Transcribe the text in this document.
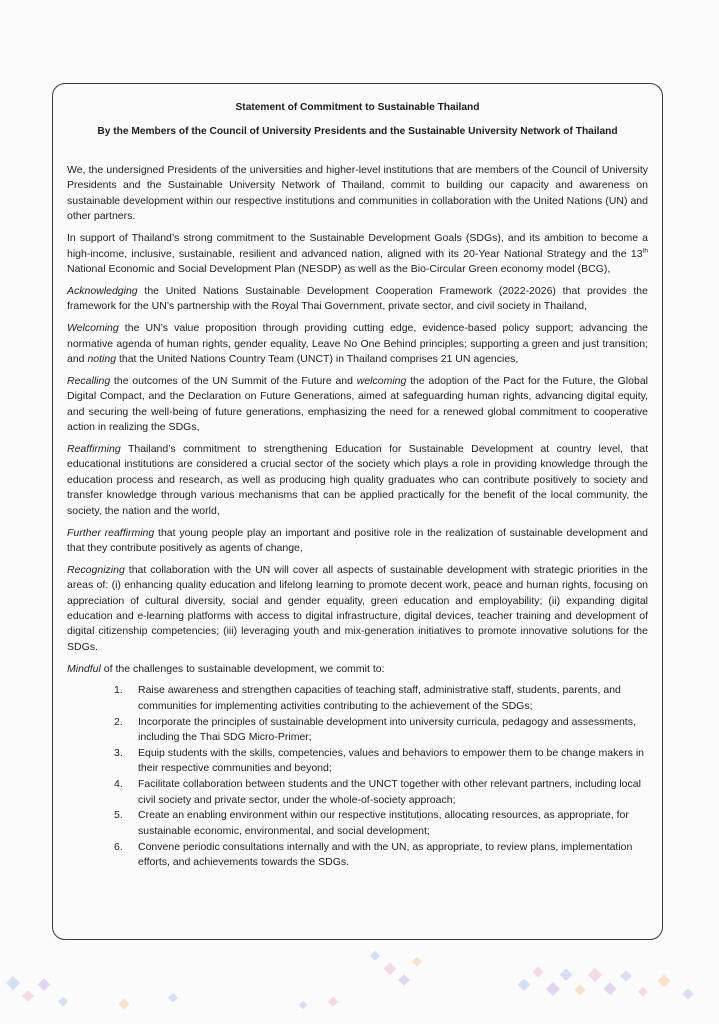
Statement of Commitment to Sustainable Thailand
By the Members of the Council of University Presidents and the Sustainable University Network of Thailand

We, the undersigned Presidents of the universities and higher-level institutions that are members of the Council of University Presidents and the Sustainable University Network of Thailand, commit to building our capacity and awareness on sustainable development within our respective institutions and communities in collaboration with the United Nations (UN) and other partners.

In support of Thailand’s strong commitment to the Sustainable Development Goals (SDGs), and its ambition to become a high-income, inclusive, sustainable, resilient and advanced nation, aligned with its 20-Year National Strategy and the 13th National Economic and Social Development Plan (NESDP) as well as the Bio-Circular Green economy model (BCG),

Acknowledging the United Nations Sustainable Development Cooperation Framework (2022-2026) that provides the framework for the UN’s partnership with the Royal Thai Government, private sector, and civil society in Thailand,

Welcoming the UN’s value proposition through providing cutting edge, evidence-based policy support; advancing the normative agenda of human rights, gender equality, Leave No One Behind principles; supporting a green and just transition; and noting that the United Nations Country Team (UNCT) in Thailand comprises 21 UN agencies,

Recalling the outcomes of the UN Summit of the Future and welcoming the adoption of the Pact for the Future, the Global Digital Compact, and the Declaration on Future Generations, aimed at safeguarding human rights, advancing digital equity, and securing the well-being of future generations, emphasizing the need for a renewed global commitment to cooperative action in realizing the SDGs,

Reaffirming Thailand’s commitment to strengthening Education for Sustainable Development at country level, that educational institutions are considered a crucial sector of the society which plays a role in providing knowledge through the education process and research, as well as producing high quality graduates who can contribute positively to society and transfer knowledge through various mechanisms that can be applied practically for the benefit of the local community, the society, the nation and the world,

Further reaffirming that young people play an important and positive role in the realization of sustainable development and that they contribute positively as agents of change,

Recognizing that collaboration with the UN will cover all aspects of sustainable development with strategic priorities in the areas of: (i) enhancing quality education and lifelong learning to promote decent work, peace and human rights, focusing on appreciation of cultural diversity, social and gender equality, green education and employability; (ii) expanding digital education and e-learning platforms with access to digital infrastructure, digital devices, teacher training and development of digital citizenship competencies; (iii) leveraging youth and mix-generation initiatives to promote innovative solutions for the SDGs.

Mindful of the challenges to sustainable development, we commit to:

1. Raise awareness and strengthen capacities of teaching staff, administrative staff, students, parents, and communities for implementing activities contributing to the achievement of the SDGs;
2. Incorporate the principles of sustainable development into university curricula, pedagogy and assessments, including the Thai SDG Micro-Primer;
3. Equip students with the skills, competencies, values and behaviors to empower them to be change makers in their respective communities and beyond;
4. Facilitate collaboration between students and the UNCT together with other relevant partners, including local civil society and private sector, under the whole-of-society approach;
5. Create an enabling environment within our respective institutions, allocating resources, as appropriate, for sustainable economic, environmental, and social development;
6. Convene periodic consultations internally and with the UN, as appropriate, to review plans, implementation efforts, and achievements towards the SDGs.
